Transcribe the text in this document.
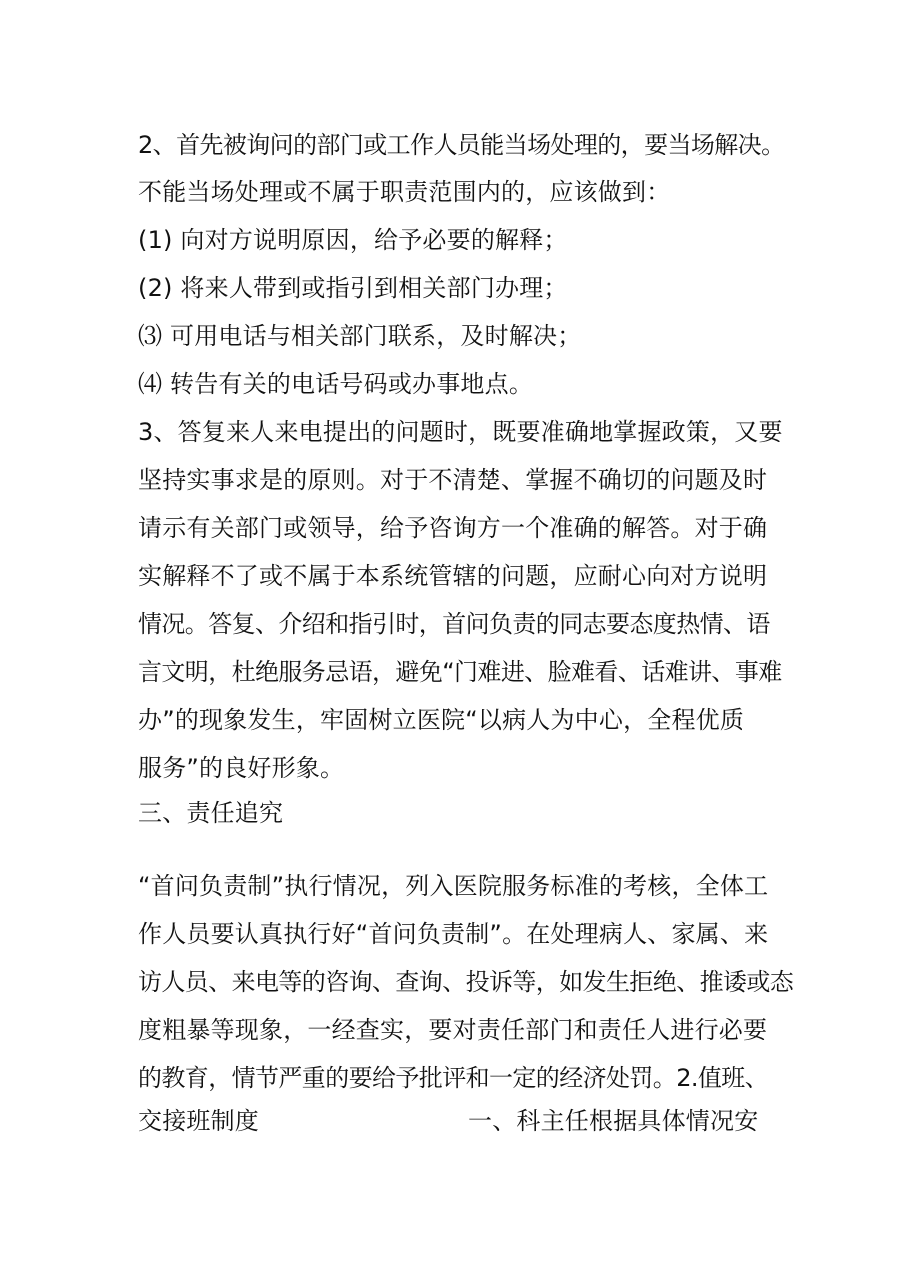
2、首先被询问的部门或工作人员能当场处理的，要当场解决。
不能当场处理或不属于职责范围内的，应该做到：
(1) 向对方说明原因，给予必要的解释；
(2) 将来人带到或指引到相关部门办理；
⑶ 可用电话与相关部门联系，及时解决；
⑷ 转告有关的电话号码或办事地点。
3、答复来人来电提出的问题时，既要准确地掌握政策，又要
坚持实事求是的原则。对于不清楚、掌握不确切的问题及时
请示有关部门或领导，给予咨询方一个准确的解答。对于确
实解释不了或不属于本系统管辖的问题，应耐心向对方说明
情况。答复、介绍和指引时，首问负责的同志要态度热情、语
言文明，杜绝服务忌语，避免“门难进、脸难看、话难讲、事难
办”的现象发生，牢固树立医院“以病人为中心，全程优质
服务”的良好形象。
三、责任追究
“首问负责制”执行情况，列入医院服务标准的考核，全体工
作人员要认真执行好“首问负责制”。在处理病人、家属、来
访人员、来电等的咨询、查询、投诉等，如发生拒绝、推诿或态
度粗暴等现象，一经查实，要对责任部门和责任人进行必要
的教育，情节严重的要给予批评和一定的经济处罚。2.值班、
交接班制度	一、科主任根据具体情况安
